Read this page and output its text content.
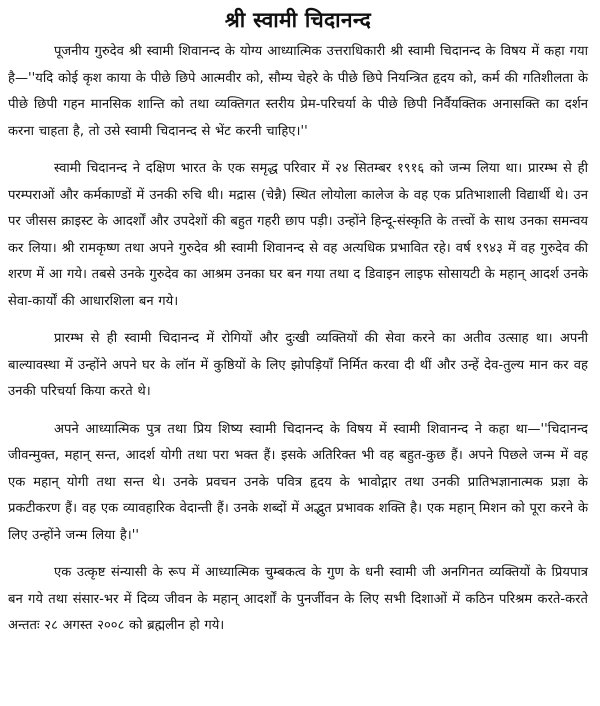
श्री स्वामी चिदानन्द

पूजनीय गुरुदेव श्री स्वामी शिवानन्द के योग्य आध्यात्मिक उत्तराधिकारी श्री स्वामी चिदानन्द के विषय में कहा गया है—''यदि कोई कृश काया के पीछे छिपे आत्मवीर को, सौम्य चेहरे के पीछे छिपे नियन्त्रित हृदय को, कर्म की गतिशीलता के पीछे छिपी गहन मानसिक शान्ति को तथा व्यक्तिगत स्तरीय प्रेम-परिचर्या के पीछे छिपी निर्वैयक्तिक अनासक्ति का दर्शन करना चाहता है, तो उसे स्वामी चिदानन्द से भेंट करनी चाहिए।''

स्वामी चिदानन्द ने दक्षिण भारत के एक समृद्ध परिवार में २४ सितम्बर १९१६ को जन्म लिया था। प्रारम्भ से ही परम्पराओं और कर्मकाण्डों में उनकी रुचि थी। मद्रास (चेन्नै) स्थित लोयोला कालेज के वह एक प्रतिभाशाली विद्यार्थी थे। उन पर जीसस क्राइस्ट के आदर्शों और उपदेशों की बहुत गहरी छाप पड़ी। उन्होंने हिन्दू-संस्कृति के तत्त्वों के साथ उनका समन्वय कर लिया। श्री रामकृष्ण तथा अपने गुरुदेव श्री स्वामी शिवानन्द से वह अत्यधिक प्रभावित रहे। वर्ष १९४३ में वह गुरुदेव की शरण में आ गये। तबसे उनके गुरुदेव का आश्रम उनका घर बन गया तथा द डिवाइन लाइफ सोसायटी के महान् आदर्श उनके सेवा-कार्यों की आधारशिला बन गये।

प्रारम्भ से ही स्वामी चिदानन्द में रोगियों और दुःखी व्यक्तियों की सेवा करने का अतीव उत्साह था। अपनी बाल्यावस्था में उन्होंने अपने घर के लॉन में कुष्ठियों के लिए झोपड़ियाँ निर्मित करवा दी थीं और उन्हें देव-तुल्य मान कर वह उनकी परिचर्या किया करते थे।

अपने आध्यात्मिक पुत्र तथा प्रिय शिष्य स्वामी चिदानन्द के विषय में स्वामी शिवानन्द ने कहा था—''चिदानन्द जीवन्मुक्त, महान् सन्त, आदर्श योगी तथा परा भक्त हैं। इसके अतिरिक्त भी वह बहुत-कुछ हैं। अपने पिछले जन्म में वह एक महान् योगी तथा सन्त थे। उनके प्रवचन उनके पवित्र हृदय के भावोद्गार तथा उनकी प्रातिभज्ञानात्मक प्रज्ञा के प्रकटीकरण हैं। वह एक व्यावहारिक वेदान्ती हैं। उनके शब्दों में अद्भुत प्रभावक शक्ति है। एक महान् मिशन को पूरा करने के लिए उन्होंने जन्म लिया है।''

एक उत्कृष्ट संन्यासी के रूप में आध्यात्मिक चुम्बकत्व के गुण के धनी स्वामी जी अनगिनत व्यक्तियों के प्रियपात्र बन गये तथा संसार-भर में दिव्य जीवन के महान् आदर्शों के पुनर्जीवन के लिए सभी दिशाओं में कठिन परिश्रम करते-करते अन्ततः २८ अगस्त २००८ को ब्रह्मलीन हो गये।
